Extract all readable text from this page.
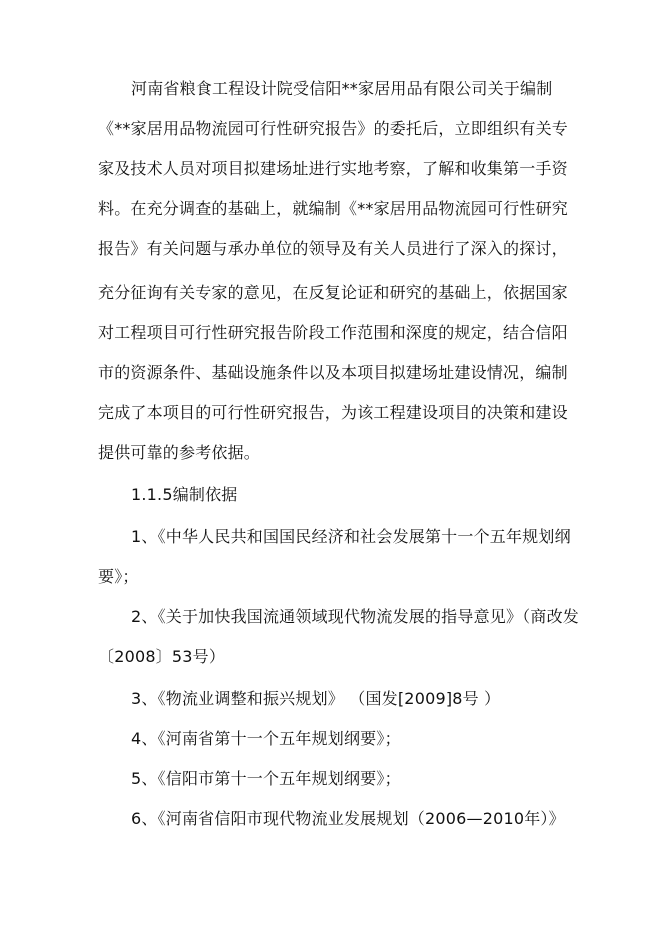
河南省粮食工程设计院受信阳**家居用品有限公司关于编制
《**家居用品物流园可行性研究报告》的委托后，立即组织有关专
家及技术人员对项目拟建场址进行实地考察，了解和收集第一手资
料。在充分调查的基础上，就编制《**家居用品物流园可行性研究
报告》有关问题与承办单位的领导及有关人员进行了深入的探讨，
充分征询有关专家的意见，在反复论证和研究的基础上，依据国家
对工程项目可行性研究报告阶段工作范围和深度的规定，结合信阳
市的资源条件、基础设施条件以及本项目拟建场址建设情况，编制
完成了本项目的可行性研究报告，为该工程建设项目的决策和建设
提供可靠的参考依据。
1.1.5编制依据
1、《中华人民共和国国民经济和社会发展第十一个五年规划纲
要》；
2、《关于加快我国流通领域现代物流发展的指导意见》（商改发
〔2008〕53号）
3、《物流业调整和振兴规划》 （国发[2009]8号 ）
4、《河南省第十一个五年规划纲要》；
5、《信阳市第十一个五年规划纲要》；
6、《河南省信阳市现代物流业发展规划（2006—2010年）》
